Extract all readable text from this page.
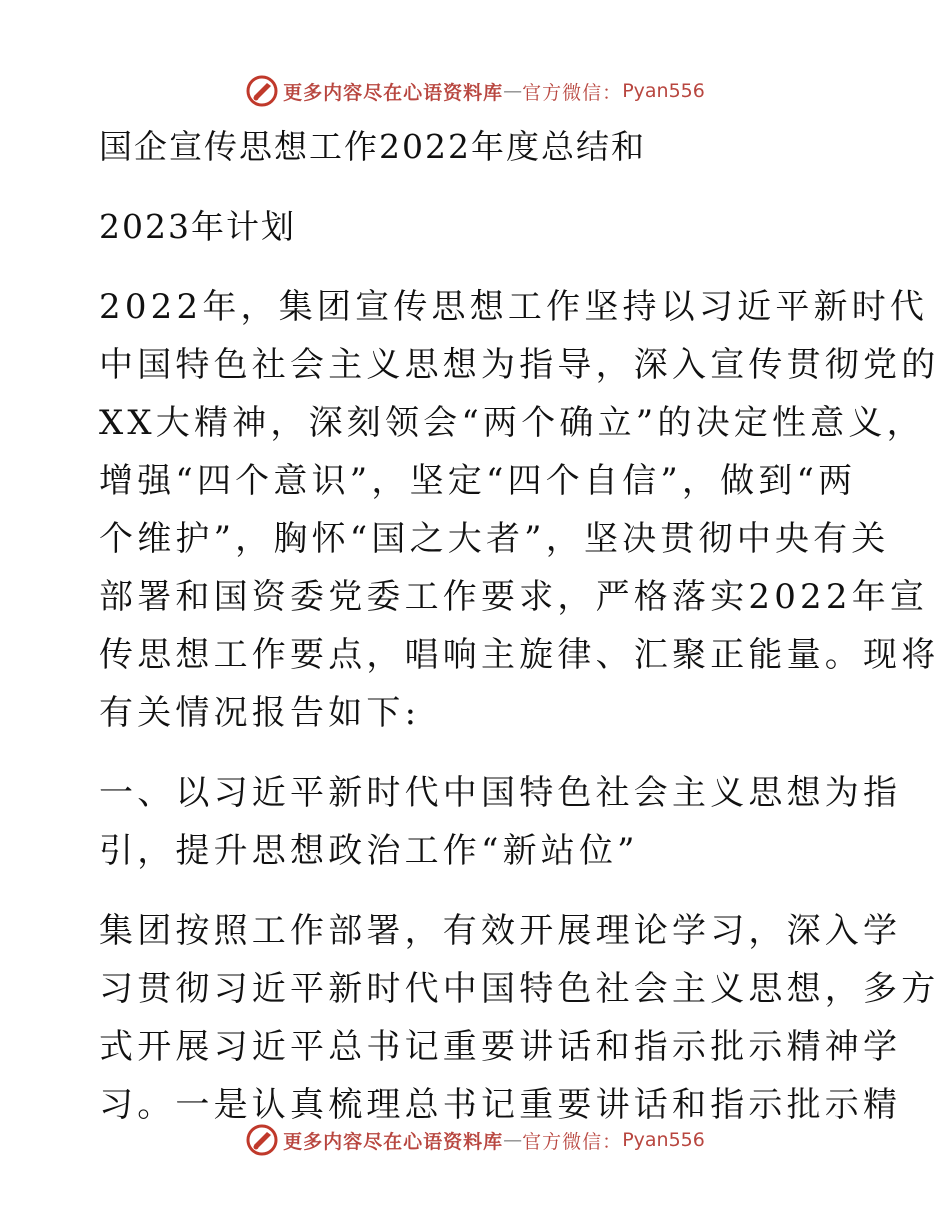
更多内容尽在心语资料库 — 官方微信： Pyan556
国企宣传思想工作2022年度总结和
2023年计划
2022年，集团宣传思想工作坚持以习近平新时代
中国特色社会主义思想为指导，深入宣传贯彻党的
XX大精神，深刻领会“两个确立”的决定性意义，
增强“四个意识”，坚定“四个自信”，做到“两
个维护”，胸怀“国之大者”，坚决贯彻中央有关
部署和国资委党委工作要求，严格落实2022年宣
传思想工作要点，唱响主旋律、汇聚正能量。现将
有关情况报告如下:
一、以习近平新时代中国特色社会主义思想为指
引，提升思想政治工作“新站位”
集团按照工作部署，有效开展理论学习，深入学
习贯彻习近平新时代中国特色社会主义思想，多方
式开展习近平总书记重要讲话和指示批示精神学
习。一是认真梳理总书记重要讲话和指示批示精
更多内容尽在心语资料库 — 官方微信： Pyan556
